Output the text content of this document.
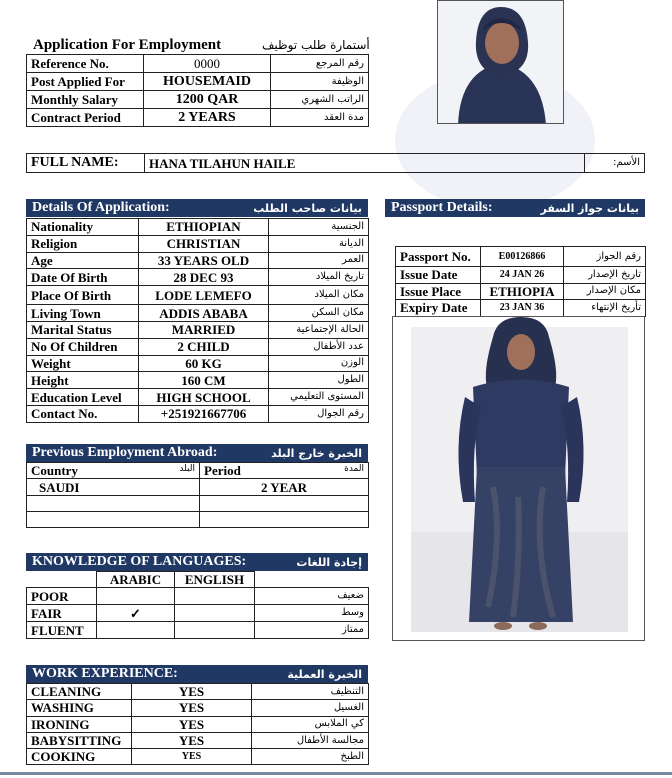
Application For Employment	أستمارة طلب توظيف
Reference No.	0000	رقم المرجع
Post Applied For	HOUSEMAID	الوظيفة
Monthly Salary	1200 QAR	الراتب الشهري
Contract Period	2 YEARS	مدة العقد
FULL NAME:	HANA TILAHUN HAILE	الأسم:
Details Of Application:	بيانات صاحب الطلب
Nationality	ETHIOPIAN	الجنسية
Religion	CHRISTIAN	الديانة
Age	33 YEARS OLD	العمر
Date Of Birth	28 DEC 93	تاريخ الميلاد
Place Of Birth	LODE LEMEFO	مكان الميلاد
Living Town	ADDIS ABABA	مكان السكن
Marital Status	MARRIED	الحالة الإجتماعية
No Of Children	2 CHILD	عدد الأطفال
Weight	60 KG	الوزن
Height	160 CM	الطول
Education Level	HIGH SCHOOL	المستوى التعليمي
Contact No.	+251921667706	رقم الجوال
Passport Details:	بيانات جواز السفر
Passport No.	E00126866	رقم الجواز
Issue Date	24 JAN 26	تاريخ الإصدار
Issue Place	ETHIOPIA	مكان الإصدار
Expiry Date	23 JAN 36	تأريخ الإنتهاء
Previous Employment Abroad:	الخبرة خارج البلد
Country البلد	Period المدة

SAUDI	2 YEAR

KNOWLEDGE OF LANGUAGES:	إجادة اللغات
	ARABIC	ENGLISH	
POOR			ضعيف
FAIR	✓		وسط
FLUENT			ممتاز
WORK EXPERIENCE:	الخبرة العملية
CLEANING	YES	التنظيف
WASHING	YES	الغسيل
IRONING	YES	كي الملابس
BABYSITTING	YES	مجالسة الأطفال
COOKING	YES	الطبخ
